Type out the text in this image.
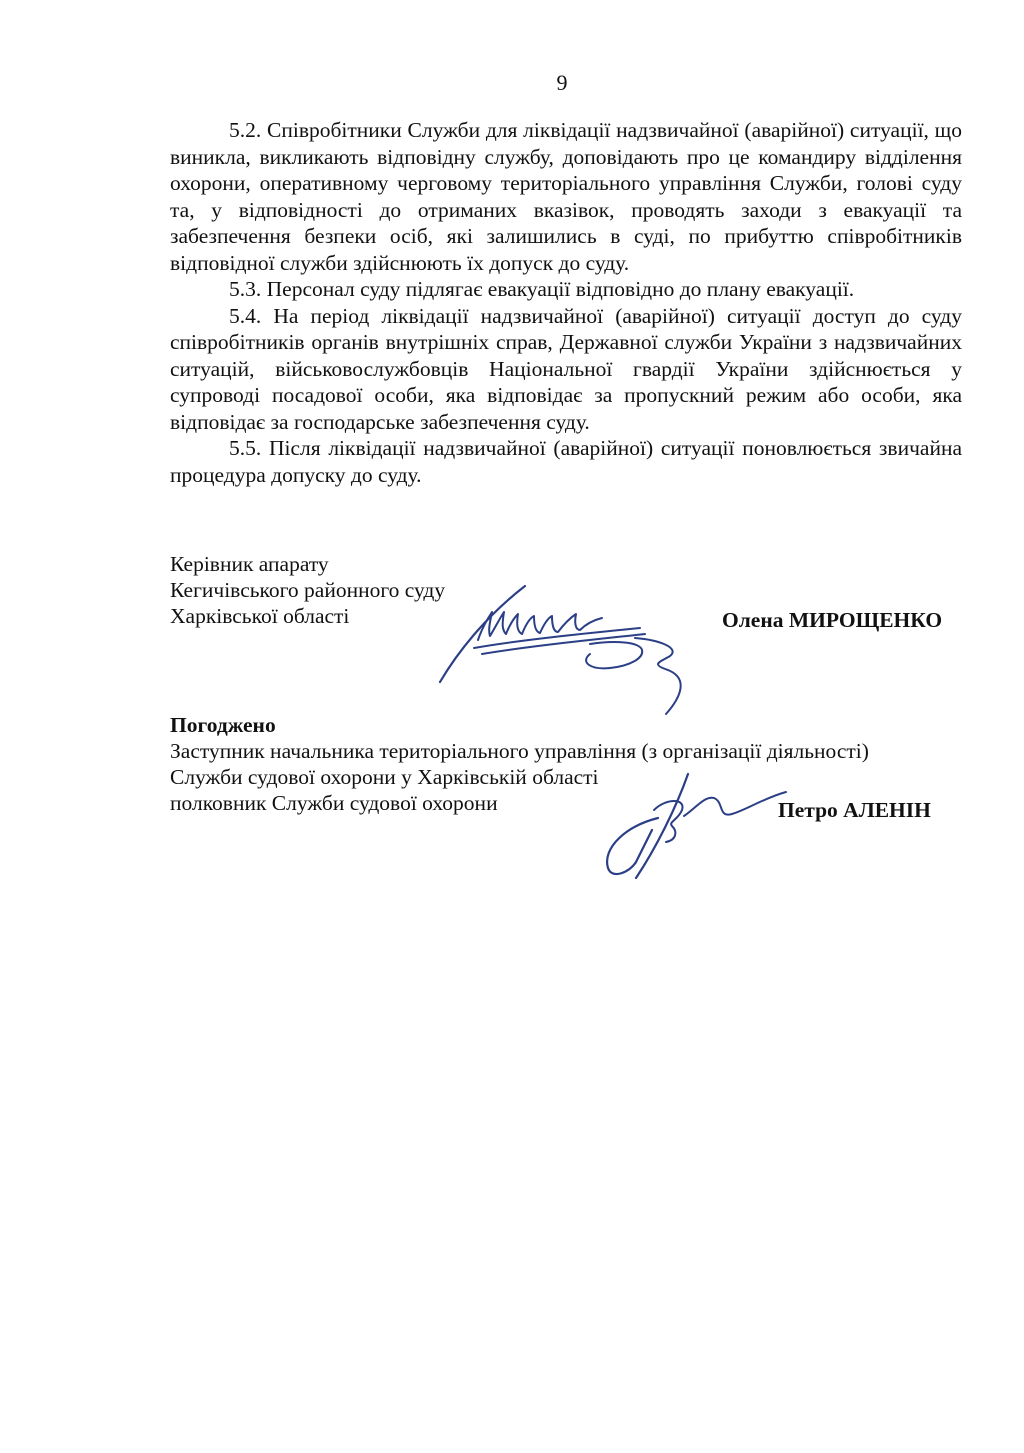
9

5.2. Співробітники Служби для ліквідації надзвичайної (аварійної) ситуації, що виникла, викликають відповідну службу, доповідають про це командиру відділення охорони, оперативному черговому територіального управління Служби, голові суду та, у відповідності до отриманих вказівок, проводять заходи з евакуації та забезпечення безпеки осіб, які залишились в суді, по прибуттю співробітників відповідної служби здійснюють їх допуск до суду.

5.3. Персонал суду підлягає евакуації відповідно до плану евакуації.

5.4. На період ліквідації надзвичайної (аварійної) ситуації доступ до суду співробітників органів внутрішніх справ, Державної служби України з надзвичайних ситуацій, військовослужбовців Національної гвардії України здійснюється у супроводі посадової особи, яка відповідає за пропускний режим або особи, яка відповідає за господарське забезпечення суду.

5.5. Після ліквідації надзвичайної (аварійної) ситуації поновлюється звичайна процедура допуску до суду.

Керівник апарату
Кегичівського районного суду
Харківської області	Олена МИРОЩЕНКО
Погоджено
Заступник начальника територіального управління (з організації діяльності)
Служби судової охорони у Харківській області
полковник Служби судової охорони	Петро АЛЕНІН
